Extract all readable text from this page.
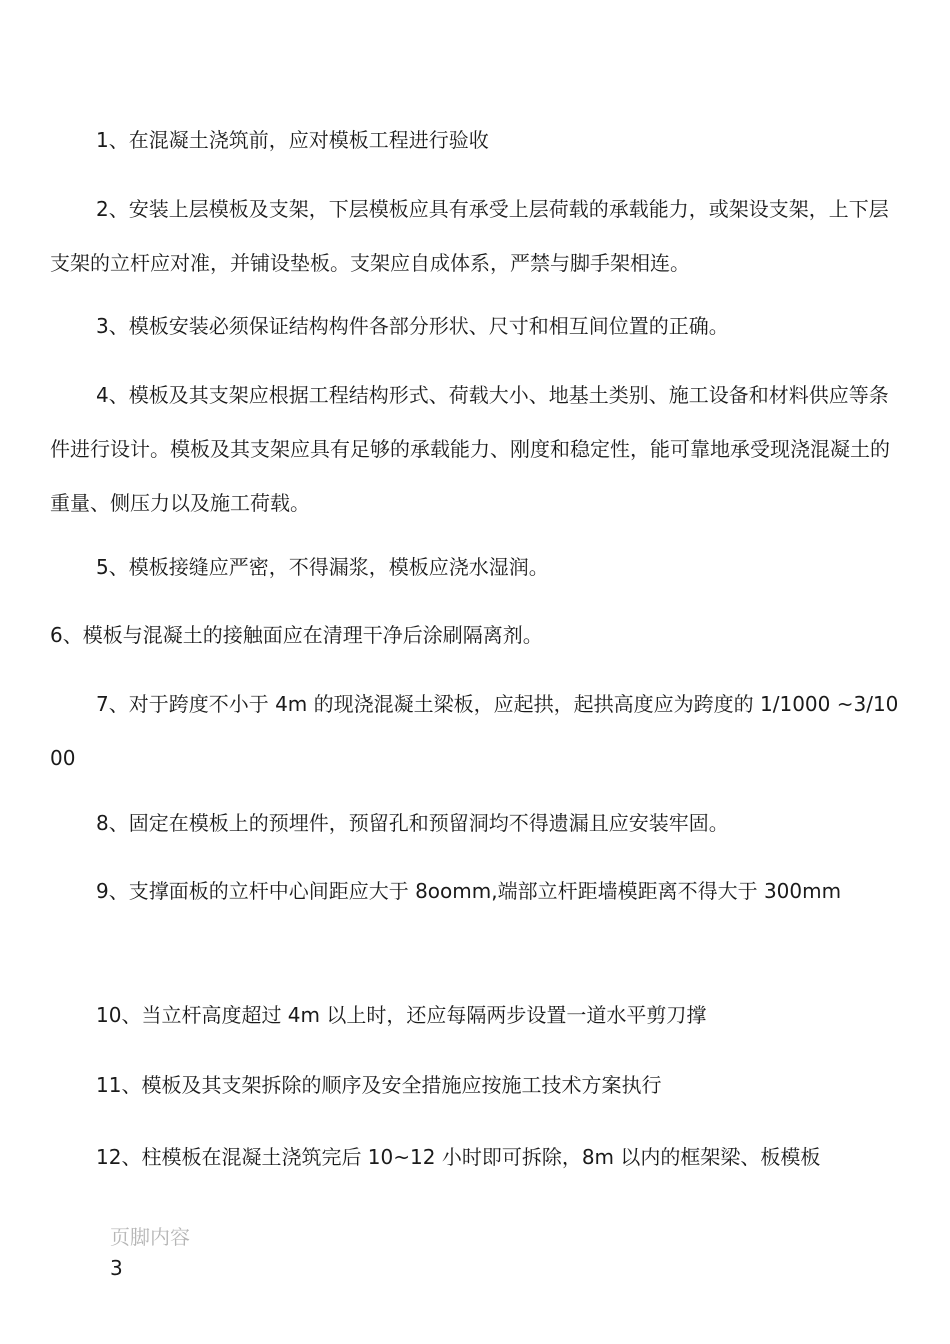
1、在混凝土浇筑前，应对模板工程进行验收

2、安装上层模板及支架，下层模板应具有承受上层荷载的承载能力，或架设支架，上下层支架的立杆应对准，并铺设垫板。支架应自成体系，严禁与脚手架相连。

3、模板安装必须保证结构构件各部分形状、尺寸和相互间位置的正确。

4、模板及其支架应根据工程结构形式、荷载大小、地基土类别、施工设备和材料供应等条件进行设计。模板及其支架应具有足够的承载能力、刚度和稳定性，能可靠地承受现浇混凝土的重量、侧压力以及施工荷载。

5、模板接缝应严密，不得漏浆，模板应浇水湿润。

6、模板与混凝土的接触面应在清理干净后涂刷隔离剂。

7、对于跨度不小于 4m 的现浇混凝土梁板，应起拱，起拱高度应为跨度的 1/1000 ~3/1000

8、固定在模板上的预埋件，预留孔和预留洞均不得遗漏且应安装牢固。

9、支撑面板的立杆中心间距应大于 8oomm,端部立杆距墙模距离不得大于 300mm

10、当立杆高度超过 4m 以上时，还应每隔两步设置一道水平剪刀撑

11、模板及其支架拆除的顺序及安全措施应按施工技术方案执行

12、柱模板在混凝土浇筑完后 10~12 小时即可拆除，8m 以内的框架梁、板模板

页脚内容
3
